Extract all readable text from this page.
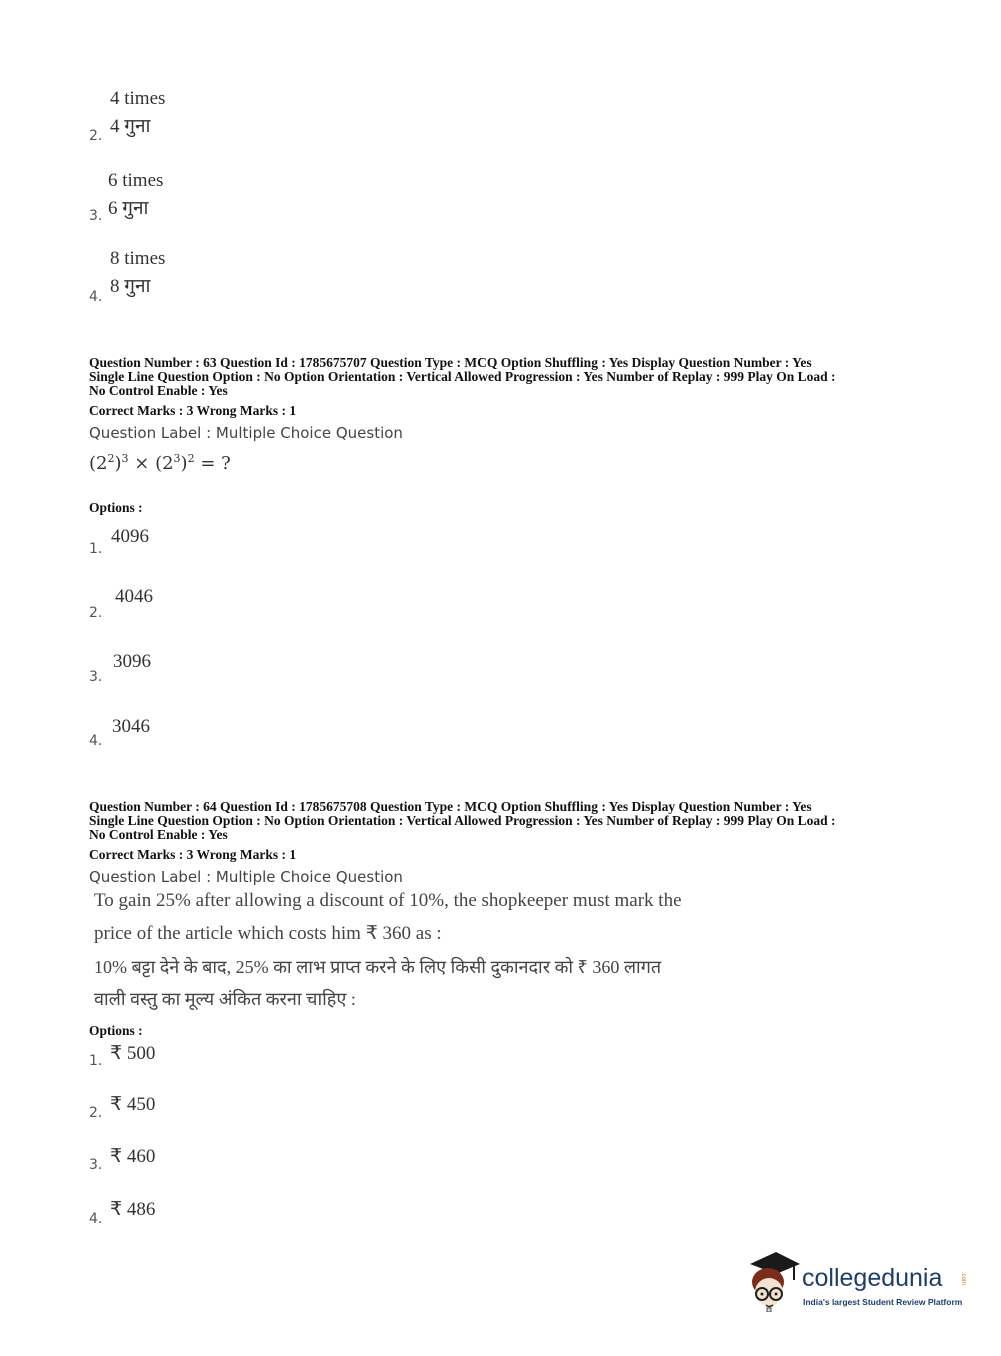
4 times
4 गुना
2.
6 times
6 गुना
3.
8 times
8 गुना
4.
Question Number : 63 Question Id : 1785675707 Question Type : MCQ Option Shuffling : Yes Display Question Number : Yes
Single Line Question Option : No Option Orientation : Vertical Allowed Progression : Yes Number of Replay : 999 Play On Load :
No Control Enable : Yes
Correct Marks : 3 Wrong Marks : 1
Question Label : Multiple Choice Question
$(2^2)^3 \times (2^3)^2$ = ?
Options :
4096
1.
4046
2.
3096
3.
3046
4.
Question Number : 64 Question Id : 1785675708 Question Type : MCQ Option Shuffling : Yes Display Question Number : Yes
Single Line Question Option : No Option Orientation : Vertical Allowed Progression : Yes Number of Replay : 999 Play On Load :
No Control Enable : Yes
Correct Marks : 3 Wrong Marks : 1
Question Label : Multiple Choice Question
To gain 25% after allowing a discount of 10%, the shopkeeper must mark the
price of the article which costs him ₹ 360 as :
10% बट्टा देने के बाद, 25% का लाभ प्राप्त करने के लिए किसी दुकानदार को ₹ 360 लागत
वाली वस्तु का मूल्य अंकित करना चाहिए :
Options :
₹ 500
1.
₹ 450
2.
₹ 460
3.
₹ 486
4.
collegedunia	.com
India's largest Student Review Platform
